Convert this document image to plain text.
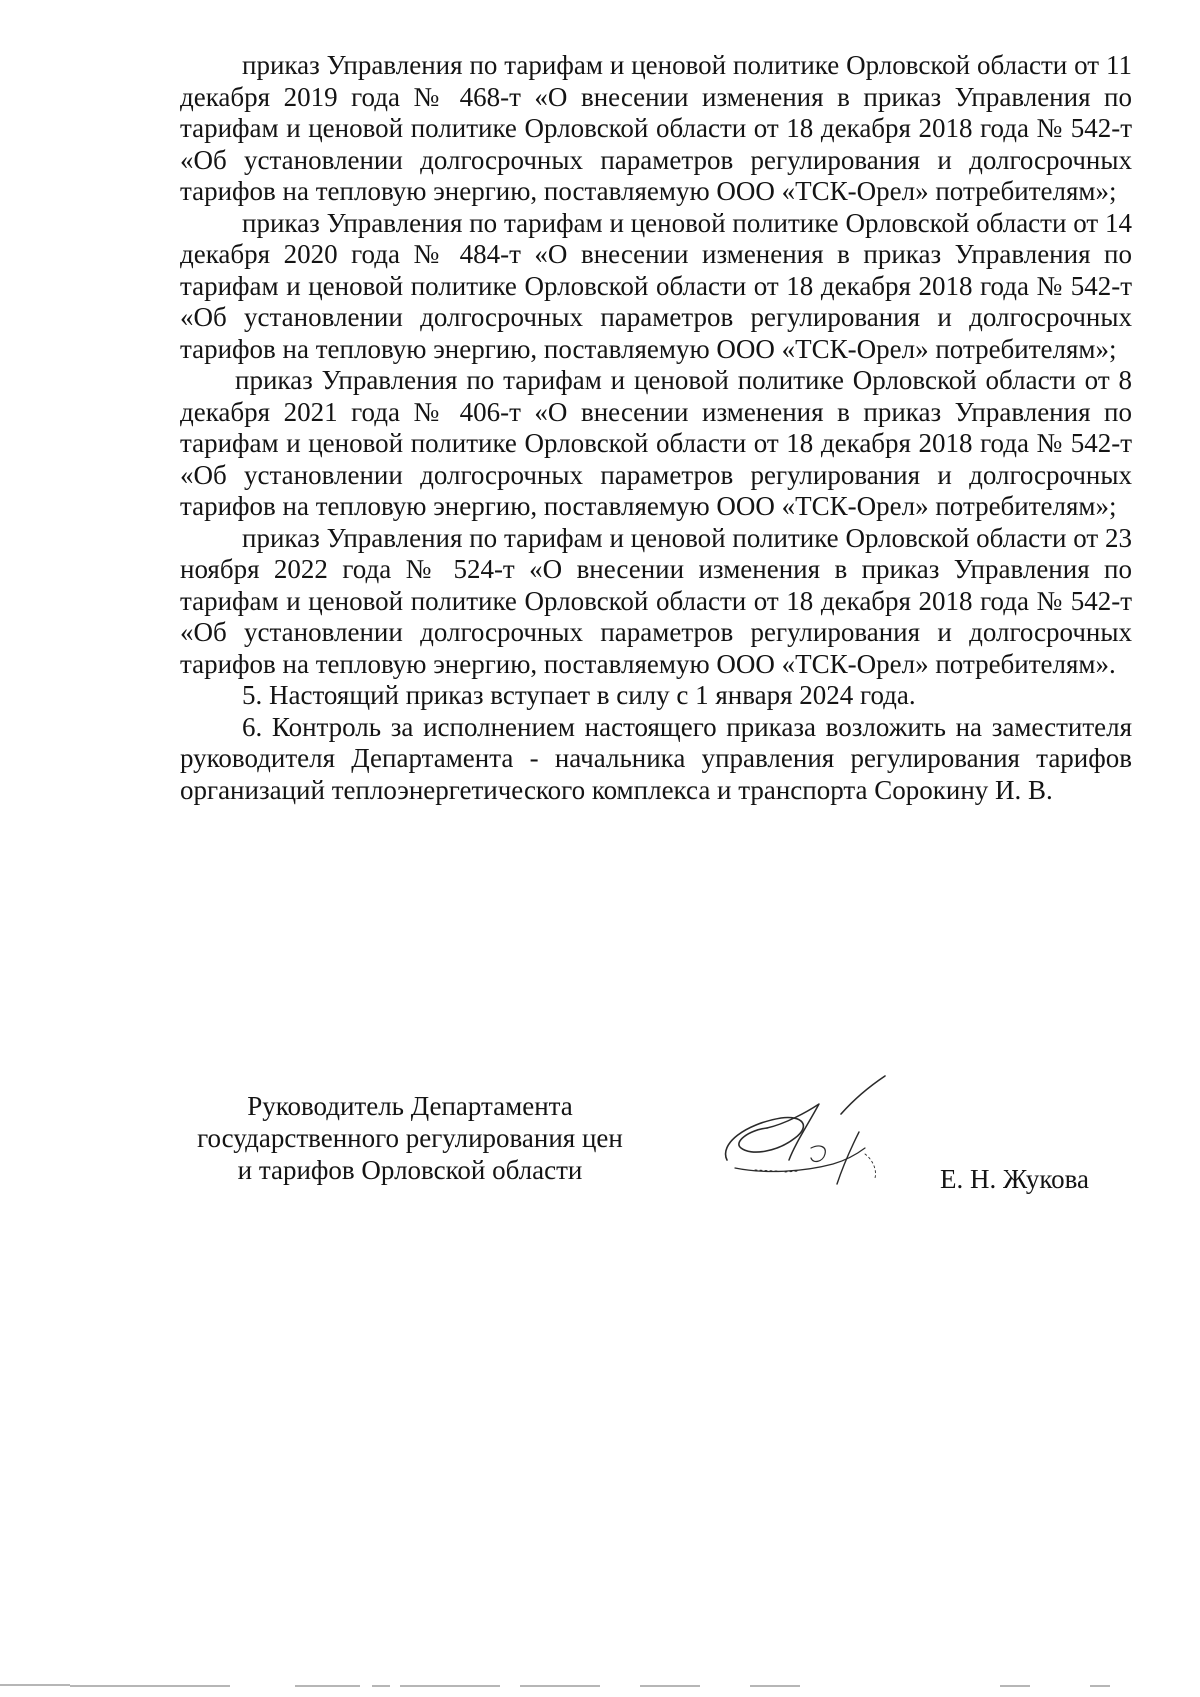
приказ Управления по тарифам и ценовой политике Орловской области от 11 декабря 2019 года № 468-т «О внесении изменения в приказ Управления по тарифам и ценовой политике Орловской области от 18 декабря 2018 года № 542-т «Об установлении долгосрочных параметров регулирования и долгосрочных тарифов на тепловую энергию, поставляемую ООО «ТСК-Орел» потребителям»;

приказ Управления по тарифам и ценовой политике Орловской области от 14 декабря 2020 года № 484-т «О внесении изменения в приказ Управления по тарифам и ценовой политике Орловской области от 18 декабря 2018 года № 542-т «Об установлении долгосрочных параметров регулирования и долгосрочных тарифов на тепловую энергию, поставляемую ООО «ТСК-Орел» потребителям»;

приказ Управления по тарифам и ценовой политике Орловской области от 8 декабря 2021 года № 406-т «О внесении изменения в приказ Управления по тарифам и ценовой политике Орловской области от 18 декабря 2018 года № 542-т «Об установлении долгосрочных параметров регулирования и долгосрочных тарифов на тепловую энергию, поставляемую ООО «ТСК-Орел» потребителям»;

приказ Управления по тарифам и ценовой политике Орловской области от 23 ноября 2022 года № 524-т «О внесении изменения в приказ Управления по тарифам и ценовой политике Орловской области от 18 декабря 2018 года № 542-т «Об установлении долгосрочных параметров регулирования и долгосрочных тарифов на тепловую энергию, поставляемую ООО «ТСК-Орел» потребителям».

5. Настоящий приказ вступает в силу с 1 января 2024 года.

6. Контроль за исполнением настоящего приказа возложить на заместителя руководителя Департамента - начальника управления регулирования тарифов организаций теплоэнергетического комплекса и транспорта Сорокину И. В.

Руководитель Департамента
государственного регулирования цен
и тарифов Орловской области	Е. Н. Жукова
